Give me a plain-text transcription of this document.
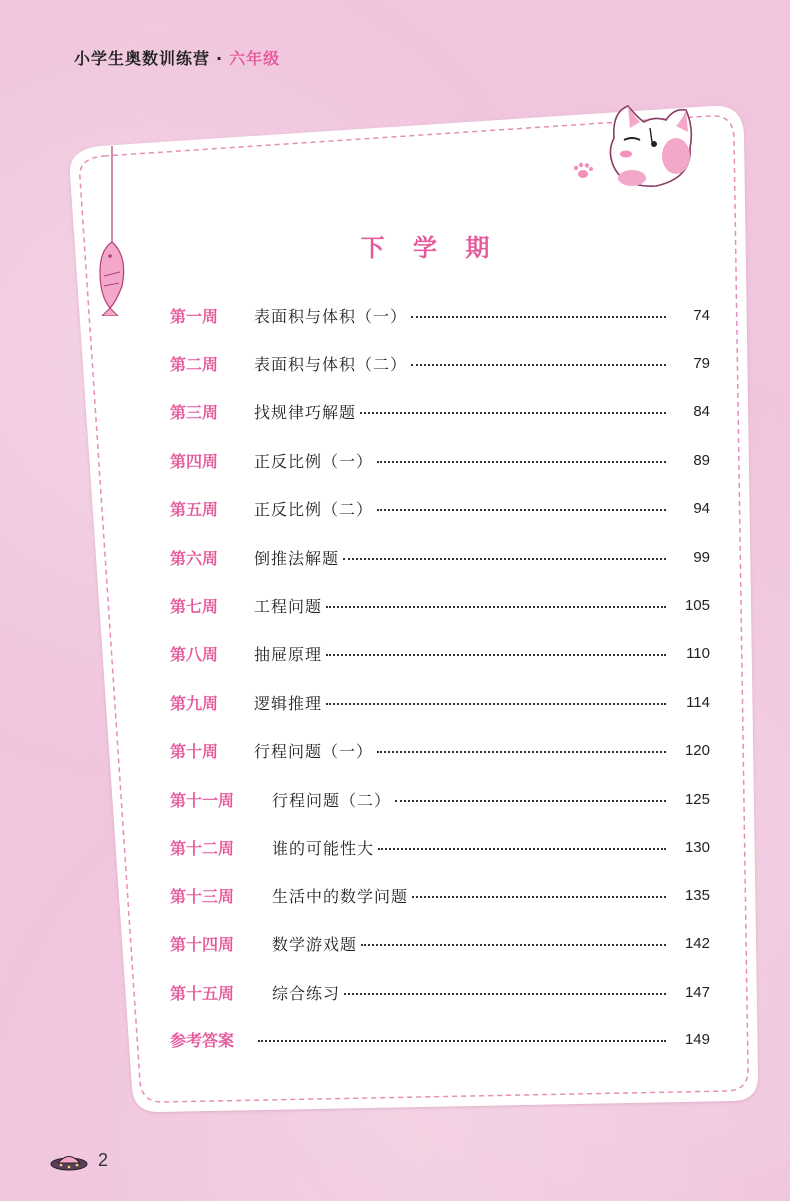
小学生奥数训练营 · 六年级
下 学 期
第一周	表面积与体积（一）	74
第二周	表面积与体积（二）	79
第三周	找规律巧解题	84
第四周	正反比例（一）	89
第五周	正反比例（二）	94
第六周	倒推法解题	99
第七周	工程问题	105
第八周	抽屉原理	110
第九周	逻辑推理	114
第十周	行程问题（一）	120
第十一周	行程问题（二）	125
第十二周	谁的可能性大	130
第十三周	生活中的数学问题	135
第十四周	数学游戏题	142
第十五周	综合练习	147
参考答案	149
2
